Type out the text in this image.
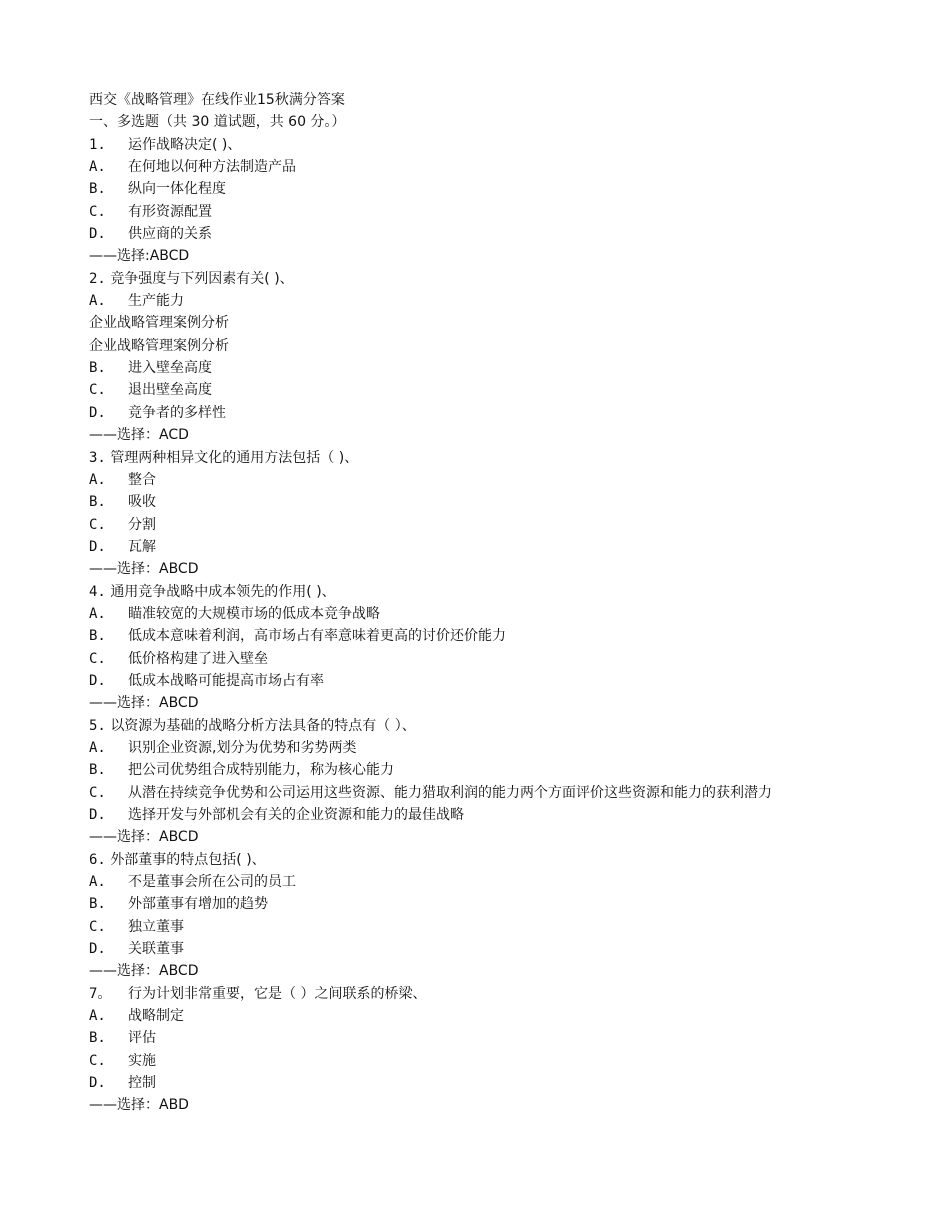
西交《战略管理》在线作业15秋满分答案
一、多选题（共 30 道试题，共 60 分。）
1.	运作战略决定( )、
A.	在何地以何种方法制造产品
B.	纵向一体化程度
C.	有形资源配置
D.	供应商的关系
——选择:ABCD
2. 竞争强度与下列因素有关( )、
A.	生产能力
企业战略管理案例分析
企业战略管理案例分析
B.	进入壁垒高度
C.	退出壁垒高度
D.	竞争者的多样性
——选择：ACD
3. 管理两种相异文化的通用方法包括（ )、
A.	整合
B.	吸收
C.	分割
D.	瓦解
——选择：ABCD
4. 通用竞争战略中成本领先的作用( )、
A.	瞄准较宽的大规模市场的低成本竞争战略
B.	低成本意味着利润，高市场占有率意味着更高的讨价还价能力
C.	低价格构建了进入壁垒
D.	低成本战略可能提高市场占有率
——选择：ABCD
5. 以资源为基础的战略分析方法具备的特点有（ ）、
A.	识别企业资源,划分为优势和劣势两类
B.	把公司优势组合成特别能力，称为核心能力
C.	从潜在持续竞争优势和公司运用这些资源、能力猎取利润的能力两个方面评价这些资源和能力的获利潜力
D.	选择开发与外部机会有关的企业资源和能力的最佳战略
——选择：ABCD
6. 外部董事的特点包括( )、
A.	不是董事会所在公司的员工
B.	外部董事有增加的趋势
C.	独立董事
D.	关联董事
——选择：ABCD
7。	行为计划非常重要，它是（ ）之间联系的桥梁、
A.	战略制定
B.	评估
C.	实施
D.	控制
——选择：ABD
